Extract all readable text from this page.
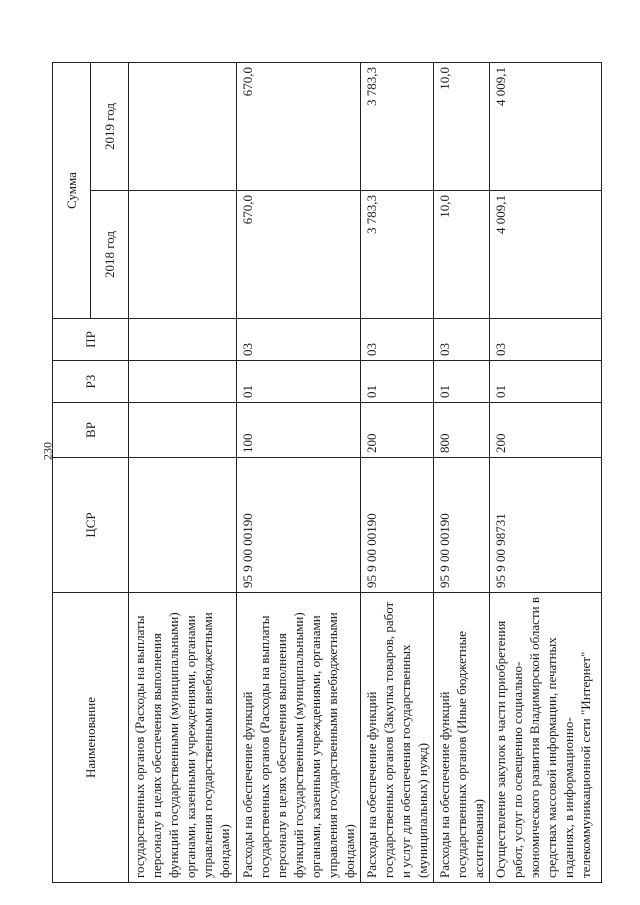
230
Наименование	ЦСР	ВР	РЗ	ПР	Сумма	
					2018 год	2019 год
государственных органов (Расходы на выплаты персоналу в целях обеспечения выполнения функций государственными (муниципальными) органами, казенными учреждениями, органами управления государственными внебюджетными фондами)						
Расходы на обеспечение функций государственных органов (Расходы на выплаты персоналу в целях обеспечения выполнения функций государственными (муниципальными) органами, казенными учреждениями, органами управления государственными внебюджетными фондами)	95 9 00 00190	100	01	03	670,0	670,0
Расходы на обеспечение функций государственных органов (Закупка товаров, работ и услуг для обеспечения государственных (муниципальных) нужд)	95 9 00 00190	200	01	03	3 783,3	3 783,3
Расходы на обеспечение функций государственных органов (Иные бюджетные ассигнования)	95 9 00 00190	800	01	03	10,0	10,0
Осуществление закупок в части приобретения работ, услуг по освещению социально-экономического развития Владимирской области в средствах массовой информации, печатных изданиях, в информационно-телекоммуникационной сети "Интернет"	95 9 00 98731	200	01	03	4 009,1	4 009,1
